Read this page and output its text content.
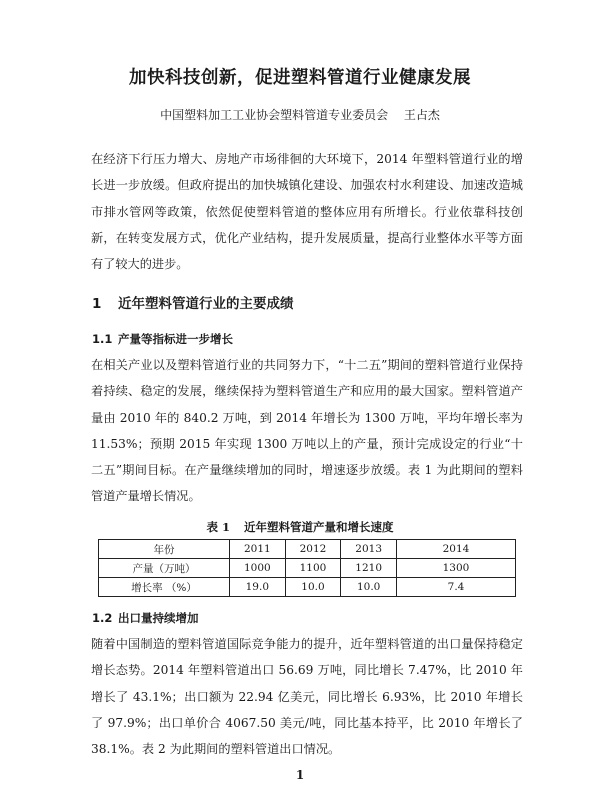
加快科技创新，促进塑料管道行业健康发展
中国塑料加工工业协会塑料管道专业委员会 王占杰
在经济下行压力增大、房地产市场徘徊的大环境下，2014 年塑料管道行业的增长进一步放缓。但政府提出的加快城镇化建设、加强农村水利建设、加速改造城市排水管网等政策，依然促使塑料管道的整体应用有所增长。行业依靠科技创新，在转变发展方式，优化产业结构，提升发展质量，提高行业整体水平等方面有了较大的进步。
1 近年塑料管道行业的主要成绩
1.1 产量等指标进一步增长
在相关产业以及塑料管道行业的共同努力下，“十二五”期间的塑料管道行业保持着持续、稳定的发展，继续保持为塑料管道生产和应用的最大国家。塑料管道产量由 2010 年的 840.2 万吨，到 2014 年增长为 1300 万吨，平均年增长率为 11.53%；预期 2015 年实现 1300 万吨以上的产量，预计完成设定的行业“十二五”期间目标。在产量继续增加的同时，增速逐步放缓。表 1 为此期间的塑料管道产量增长情况。
表 1 近年塑料管道产量和增长速度
年份	2011	2012	2013	2014
产量（万吨）	1000	1100	1210	1300
增长率 （%）	19.0	10.0	10.0	7.4
1.2 出口量持续增加
随着中国制造的塑料管道国际竞争能力的提升，近年塑料管道的出口量保持稳定增长态势。2014 年塑料管道出口 56.69 万吨，同比增长 7.47%，比 2010 年增长了 43.1%；出口额为 22.94 亿美元，同比增长 6.93%，比 2010 年增长了 97.9%；出口单价合 4067.50 美元/吨，同比基本持平，比 2010 年增长了 38.1%。表 2 为此期间的塑料管道出口情况。
1
